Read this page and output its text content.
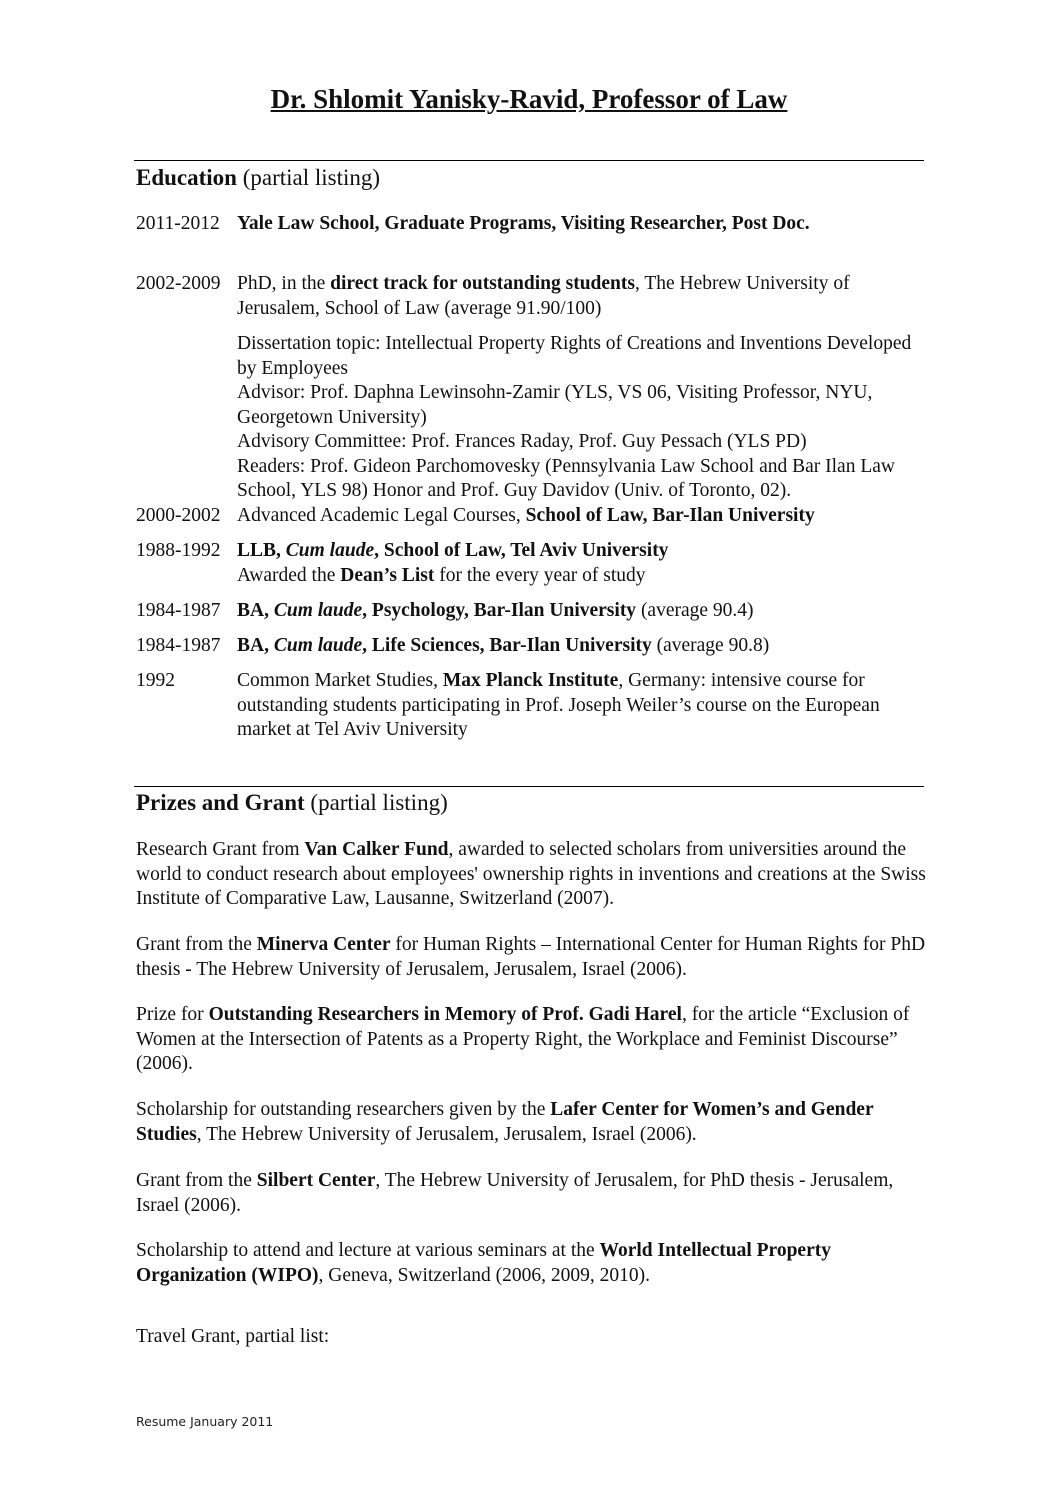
Dr. Shlomit Yanisky-Ravid, Professor of Law
Education (partial listing)
2011-2012 Yale Law School, Graduate Programs, Visiting Researcher, Post Doc.
2002-2009 PhD, in the direct track for outstanding students, The Hebrew University of Jerusalem, School of Law (average 91.90/100)
Dissertation topic: Intellectual Property Rights of Creations and Inventions Developed by Employees
Advisor: Prof. Daphna Lewinsohn-Zamir (YLS, VS 06, Visiting Professor, NYU, Georgetown University)
Advisory Committee: Prof. Frances Raday, Prof. Guy Pessach (YLS PD)
Readers: Prof. Gideon Parchomovesky (Pennsylvania Law School and Bar Ilan Law School, YLS 98) Honor and Prof. Guy Davidov (Univ. of Toronto, 02).
2000-2002 Advanced Academic Legal Courses, School of Law, Bar-Ilan University
1988-1992 LLB, Cum laude, School of Law, Tel Aviv University
Awarded the Dean’s List for the every year of study
1984-1987 BA, Cum laude, Psychology, Bar-Ilan University (average 90.4)
1984-1987 BA, Cum laude, Life Sciences, Bar-Ilan University (average 90.8)
1992	Common Market Studies, Max Planck Institute, Germany: intensive course for outstanding students participating in Prof. Joseph Weiler’s course on the European market at Tel Aviv University
Prizes and Grant (partial listing)
Research Grant from Van Calker Fund, awarded to selected scholars from universities around the world to conduct research about employees' ownership rights in inventions and creations at the Swiss Institute of Comparative Law, Lausanne, Switzerland (2007).
Grant from the Minerva Center for Human Rights – International Center for Human Rights for PhD thesis - The Hebrew University of Jerusalem, Jerusalem, Israel (2006).
Prize for Outstanding Researchers in Memory of Prof. Gadi Harel, for the article “Exclusion of Women at the Intersection of Patents as a Property Right, the Workplace and Feminist Discourse” (2006).
Scholarship for outstanding researchers given by the Lafer Center for Women’s and Gender Studies, The Hebrew University of Jerusalem, Jerusalem, Israel (2006).
Grant from the Silbert Center, The Hebrew University of Jerusalem, for PhD thesis - Jerusalem, Israel (2006).
Scholarship to attend and lecture at various seminars at the World Intellectual Property Organization (WIPO), Geneva, Switzerland (2006, 2009, 2010).
Travel Grant, partial list:
Resume January 2011
